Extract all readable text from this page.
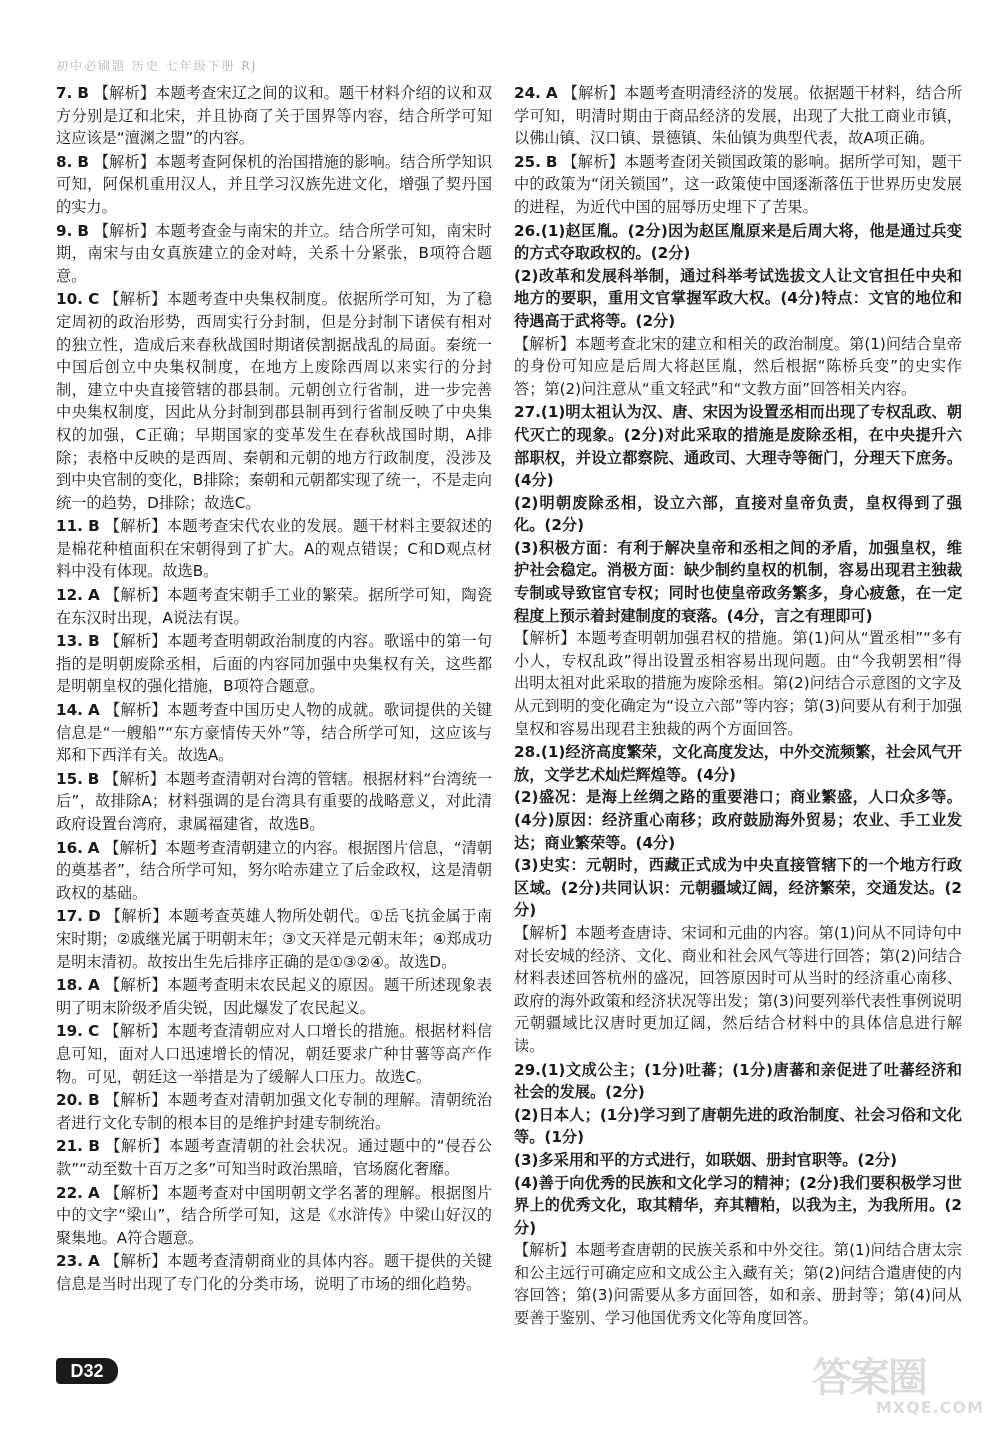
初中必刷题 历史 七年级下册 RJ
7. B 【解析】本题考查宋辽之间的议和。题干材料介绍的议和双方分别是辽和北宋，并且协商了关于国界等内容，结合所学可知这应该是“澶渊之盟”的内容。
8. B 【解析】本题考查阿保机的治国措施的影响。结合所学知识可知，阿保机重用汉人，并且学习汉族先进文化，增强了契丹国的实力。
9. B 【解析】本题考查金与南宋的并立。结合所学可知，南宋时期，南宋与由女真族建立的金对峙，关系十分紧张，B项符合题意。
10. C 【解析】本题考查中央集权制度。依据所学可知，为了稳定周初的政治形势，西周实行分封制，但是分封制下诸侯有相对的独立性，造成后来春秋战国时期诸侯割据战乱的局面。秦统一中国后创立中央集权制度，在地方上废除西周以来实行的分封制，建立中央直接管辖的郡县制。元朝创立行省制，进一步完善中央集权制度，因此从分封制到郡县制再到行省制反映了中央集权的加强，C正确；早期国家的变革发生在春秋战国时期，A排除；表格中反映的是西周、秦朝和元朝的地方行政制度，没涉及到中央官制的变化，B排除；秦朝和元朝都实现了统一，不是走向统一的趋势，D排除；故选C。
11. B 【解析】本题考查宋代农业的发展。题干材料主要叙述的是棉花种植面积在宋朝得到了扩大。A的观点错误；C和D观点材料中没有体现。故选B。
12. A 【解析】本题考查宋朝手工业的繁荣。据所学可知，陶瓷在东汉时出现，A说法有误。
13. B 【解析】本题考查明朝政治制度的内容。歌谣中的第一句指的是明朝废除丞相，后面的内容同加强中央集权有关，这些都是明朝皇权的强化措施，B项符合题意。
14. A 【解析】本题考查中国历史人物的成就。歌词提供的关键信息是“一艘船”“东方豪情传天外”等，结合所学可知，这应该与郑和下西洋有关。故选A。
15. B 【解析】本题考查清朝对台湾的管辖。根据材料“台湾统一后”，故排除A；材料强调的是台湾具有重要的战略意义，对此清政府设置台湾府，隶属福建省，故选B。
16. A 【解析】本题考查清朝建立的内容。根据图片信息，“清朝的奠基者”，结合所学可知，努尔哈赤建立了后金政权，这是清朝政权的基础。
17. D 【解析】本题考查英雄人物所处朝代。①岳飞抗金属于南宋时期；②戚继光属于明朝末年；③文天祥是元朝末年；④郑成功是明末清初。故按出生先后排序正确的是①③②④。故选D。
18. A 【解析】本题考查明末农民起义的原因。题干所述现象表明了明末阶级矛盾尖锐，因此爆发了农民起义。
19. C 【解析】本题考查清朝应对人口增长的措施。根据材料信息可知，面对人口迅速增长的情况，朝廷要求广种甘薯等高产作物。可见，朝廷这一举措是为了缓解人口压力。故选C。
20. B 【解析】本题考查对清朝加强文化专制的理解。清朝统治者进行文化专制的根本目的是维护封建专制统治。
21. B 【解析】本题考查清朝的社会状况。通过题中的“侵吞公款”“动至数十百万之多”可知当时政治黑暗，官场腐化奢靡。
22. A 【解析】本题考查对中国明朝文学名著的理解。根据图片中的文字“梁山”，结合所学可知，这是《水浒传》中梁山好汉的聚集地。A符合题意。
23. A 【解析】本题考查清朝商业的具体内容。题干提供的关键信息是当时出现了专门化的分类市场，说明了市场的细化趋势。
24. A 【解析】本题考查明清经济的发展。依据题干材料，结合所学可知，明清时期由于商品经济的发展，出现了大批工商业市镇，以佛山镇、汉口镇、景德镇、朱仙镇为典型代表，故A项正确。
25. B 【解析】本题考查闭关锁国政策的影响。据所学可知，题干中的政策为“闭关锁国”，这一政策使中国逐渐落伍于世界历史发展的进程，为近代中国的屈辱历史埋下了苦果。
26.(1)赵匡胤。(2分)因为赵匡胤原来是后周大将，他是通过兵变的方式夺取政权的。(2分)
(2)改革和发展科举制，通过科举考试选拔文人让文官担任中央和地方的要职，重用文官掌握军政大权。(4分)特点：文官的地位和待遇高于武将等。(2分)
【解析】本题考查北宋的建立和相关的政治制度。第(1)问结合皇帝的身份可知应是后周大将赵匡胤，然后根据“陈桥兵变”的史实作答；第(2)问注意从“重文轻武”和“文教方面”回答相关内容。
27.(1)明太祖认为汉、唐、宋因为设置丞相而出现了专权乱政、朝代灭亡的现象。(2分)对此采取的措施是废除丞相，在中央提升六部职权，并设立都察院、通政司、大理寺等衙门，分理天下庶务。(4分)
(2)明朝废除丞相，设立六部，直接对皇帝负责，皇权得到了强化。(2分)
(3)积极方面：有利于解决皇帝和丞相之间的矛盾，加强皇权，维护社会稳定。消极方面：缺少制约皇权的机制，容易出现君主独裁专制或导致宦官专权；同时也使皇帝政务繁多，身心疲惫，在一定程度上预示着封建制度的衰落。(4分，言之有理即可)
【解析】本题考查明朝加强君权的措施。第(1)问从“置丞相”“多有小人，专权乱政”得出设置丞相容易出现问题。由“今我朝罢相”得出明太祖对此采取的措施为废除丞相。第(2)问结合示意图的文字及从元到明的变化确定为“设立六部”等内容；第(3)问要从有利于加强皇权和容易出现君主独裁的两个方面回答。
28.(1)经济高度繁荣，文化高度发达，中外交流频繁，社会风气开放，文学艺术灿烂辉煌等。(4分)
(2)盛况：是海上丝绸之路的重要港口；商业繁盛，人口众多等。(4分)原因：经济重心南移；政府鼓励海外贸易；农业、手工业发达；商业繁荣等。(4分)
(3)史实：元朝时，西藏正式成为中央直接管辖下的一个地方行政区域。(2分)共同认识：元朝疆域辽阔，经济繁荣，交通发达。(2分)
【解析】本题考查唐诗、宋词和元曲的内容。第(1)问从不同诗句中对长安城的经济、文化、商业和社会风气等进行回答；第(2)问结合材料表述回答杭州的盛况，回答原因时可从当时的经济重心南移、政府的海外政策和经济状况等出发；第(3)问要列举代表性事例说明元朝疆域比汉唐时更加辽阔，然后结合材料中的具体信息进行解读。
29.(1)文成公主；(1分)吐蕃；(1分)唐蕃和亲促进了吐蕃经济和社会的发展。(2分)
(2)日本人；(1分)学习到了唐朝先进的政治制度、社会习俗和文化等。(1分)
(3)多采用和平的方式进行，如联姻、册封官职等。(2分)
(4)善于向优秀的民族和文化学习的精神；(2分)我们要积极学习世界上的优秀文化，取其精华，弃其糟粕，以我为主，为我所用。(2分)
【解析】本题考查唐朝的民族关系和中外交往。第(1)问结合唐太宗和公主远行可确定应和文成公主入藏有关；第(2)问结合遣唐使的内容回答；第(3)问需要从多方面回答，如和亲、册封等；第(4)问从要善于鉴别、学习他国优秀文化等角度回答。
D32	答案圈
MXQE.COM
